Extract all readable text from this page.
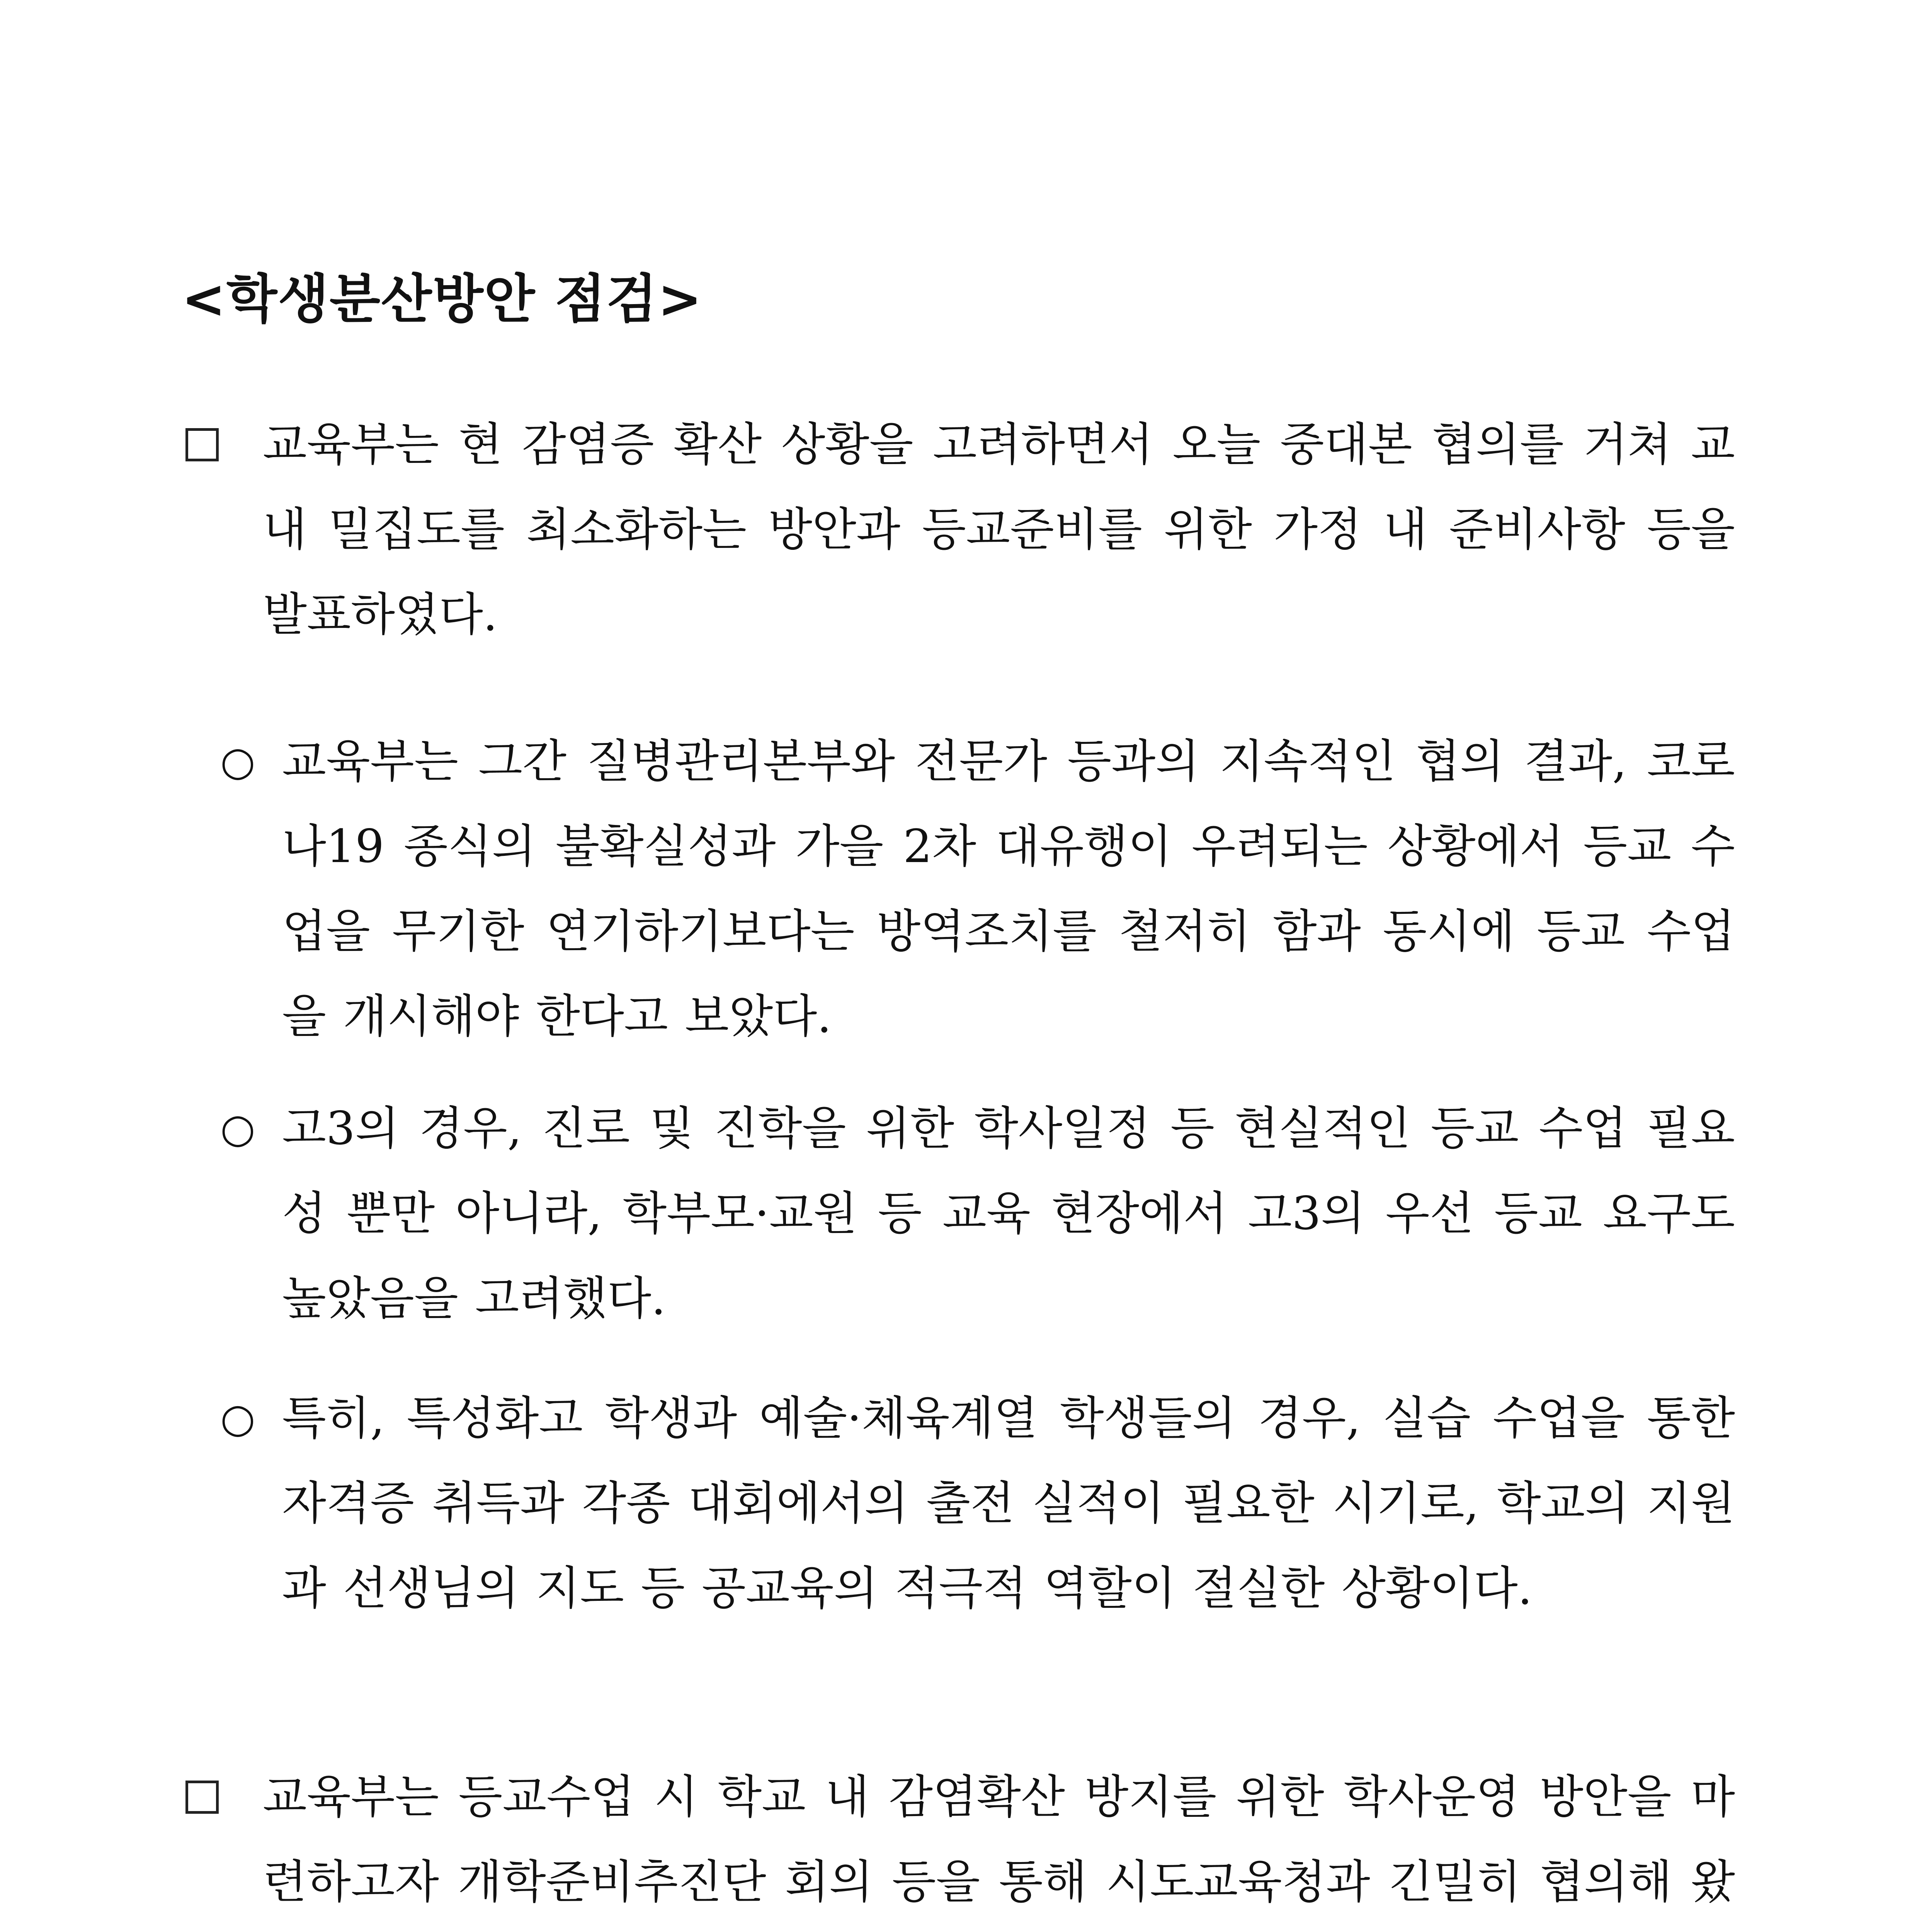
<학생분산방안 점검>
교육부는 현 감염증 확산 상황을 고려하면서 오늘 중대본 협의를 거쳐 교내 밀집도를 최소화하는 방안과 등교준비를 위한 가정 내 준비사항 등을 발표하였다.
○ 교육부는 그간 질병관리본부와 전문가 등과의 지속적인 협의 결과, 코로나19 종식의 불확실성과 가을 2차 대유행이 우려되는 상황에서 등교 수업을 무기한 연기하기보다는 방역조치를 철저히 함과 동시에 등교 수업을 개시해야 한다고 보았다.
○ 고3의 경우, 진로 및 진학을 위한 학사일정 등 현실적인 등교 수업 필요성 뿐만 아니라, 학부모·교원 등 교육 현장에서 고3의 우선 등교 요구도 높았음을 고려했다.
○ 특히, 특성화고 학생과 예술·체육계열 학생들의 경우, 실습 수업을 통한 자격증 취득과 각종 대회에서의 출전 실적이 필요한 시기로, 학교의 지원과 선생님의 지도 등 공교육의 적극적 역할이 절실한 상황이다.
교육부는 등교수업 시 학교 내 감염확산 방지를 위한 학사운영 방안을 마련하고자 개학준비추진단 회의 등을 통해 시도교육청과 긴밀히 협의해 왔
